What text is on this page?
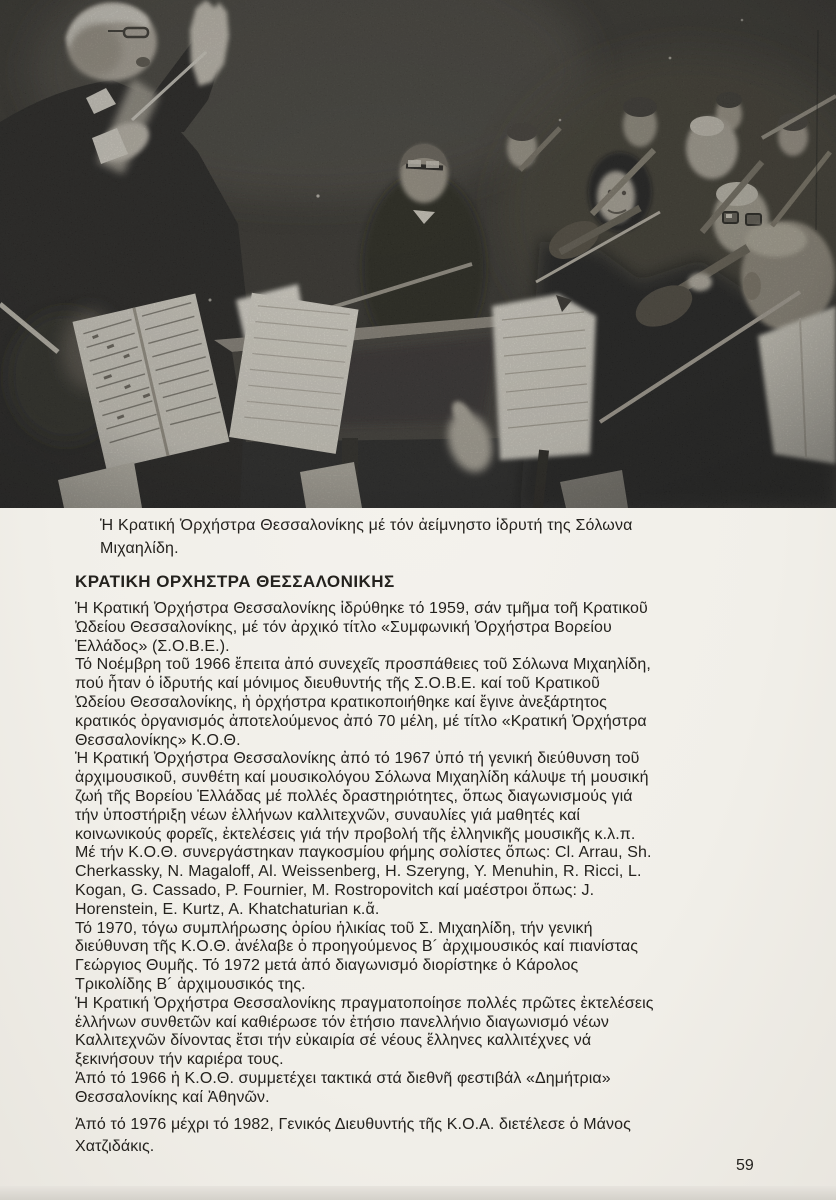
Ἡ Κρατική Ὀρχήστρα Θεσσαλονίκης μέ τόν ἀείμνηστο ἱδρυτή της Σόλωνα
Μιχαηλίδη.
ΚΡΑΤΙΚΗ ΟΡΧΗΣΤΡΑ ΘΕΣΣΑΛΟΝΙΚΗΣ

Ἡ Κρατική Ὀρχήστρα Θεσσαλονίκης ἱδρύθηκε τό 1959, σάν τμῆμα τοῆ Κρατικοῦ
Ὠδείου Θεσσαλονίκης, μέ τόν ἀρχικό τίτλο «Συμφωνική Ὀρχήστρα Βορείου
Ἑλλάδος» (Σ.Ο.Β.Ε.).

Τό Νοέμβρη τοῦ 1966 ἔπειτα ἀπό συνεχεῖς προσπάθειες τοῦ Σόλωνα Μιχαηλίδη,
πού ἦταν ὁ ἱδρυτής καί μόνιμος διευθυντής τῆς Σ.Ο.Β.Ε. καί τοῦ Κρατικοῦ
Ὠδείου Θεσσαλονίκης, ἡ ὀρχήστρα κρατικοποιήθηκε καί ἔγινε ἀνεξάρτητος
κρατικός ὀργανισμός ἀποτελούμενος ἀπό 70 μέλη, μέ τίτλο «Κρατική Ὀρχήστρα
Θεσσαλονίκης» Κ.Ο.Θ.

Ἡ Κρατική Ὀρχήστρα Θεσσαλονίκης ἀπό τό 1967 ὑπό τή γενική διεύθυνση τοῦ
ἀρχιμουσικοῦ, συνθέτη καί μουσικολόγου Σόλωνα Μιχαηλίδη κάλυψε τή μουσική
ζωή τῆς Βορείου Ἑλλάδας μέ πολλές δραστηριότητες, ὅπως διαγωνισμούς γιά
τήν ὑποστήριξη νέων ἑλλήνων καλλιτεχνῶν, συναυλίες γιά μαθητές καί
κοινωνικούς φορεῖς, ἐκτελέσεις γιά τήν προβολή τῆς ἑλληνικῆς μουσικῆς κ.λ.π.

Μέ τήν Κ.Ο.Θ. συνεργάστηκαν παγκοσμίου φήμης σολίστες ὅπως: Cl. Arrau, Sh.
Cherkassky, N. Magaloff, Al. Weissenberg, H. Szeryng, Y. Menuhin, R. Ricci, L.
Kogan, G. Cassado, P. Fournier, M. Rostropovitch καί μαέστροι ὅπως: J.
Horenstein, E. Kurtz, A. Khatchaturian κ.ἄ.

Τό 1970, τόγω συμπλήρωσης ὁρίου ἡλικίας τοῦ Σ. Μιχαηλίδη, τήν γενική
διεύθυνση τῆς Κ.Ο.Θ. ἀνέλαβε ὁ προηγούμενος Β´ ἀρχιμουσικός καί πιανίστας
Γεώργιος Θυμῆς. Τό 1972 μετά ἀπό διαγωνισμό διορίστηκε ὁ Κάρολος
Τρικολίδης Β´ ἀρχιμουσικός της.

Ἡ Κρατική Ὀρχήστρα Θεσσαλονίκης πραγματοποίησε πολλές πρῶτες ἐκτελέσεις
ἑλλήνων συνθετῶν καί καθιέρωσε τόν ἐτήσιο πανελλήνιο διαγωνισμό νέων
Καλλιτεχνῶν δίνοντας ἔτσι τήν εὐκαιρία σέ νέους ἕλληνες καλλιτέχνες νά
ξεκινήσουν τήν καριέρα τους.

Ἀπό τό 1966 ἡ Κ.Ο.Θ. συμμετέχει τακτικά στά διεθνῆ φεστιβάλ «Δημήτρια»
Θεσσαλονίκης καί Ἀθηνῶν.

Ἀπό τό 1976 μέχρι τό 1982, Γενικός Διευθυντής τῆς Κ.Ο.Α. διετέλεσε ὁ Μάνος
Χατζιδάκις.

59
